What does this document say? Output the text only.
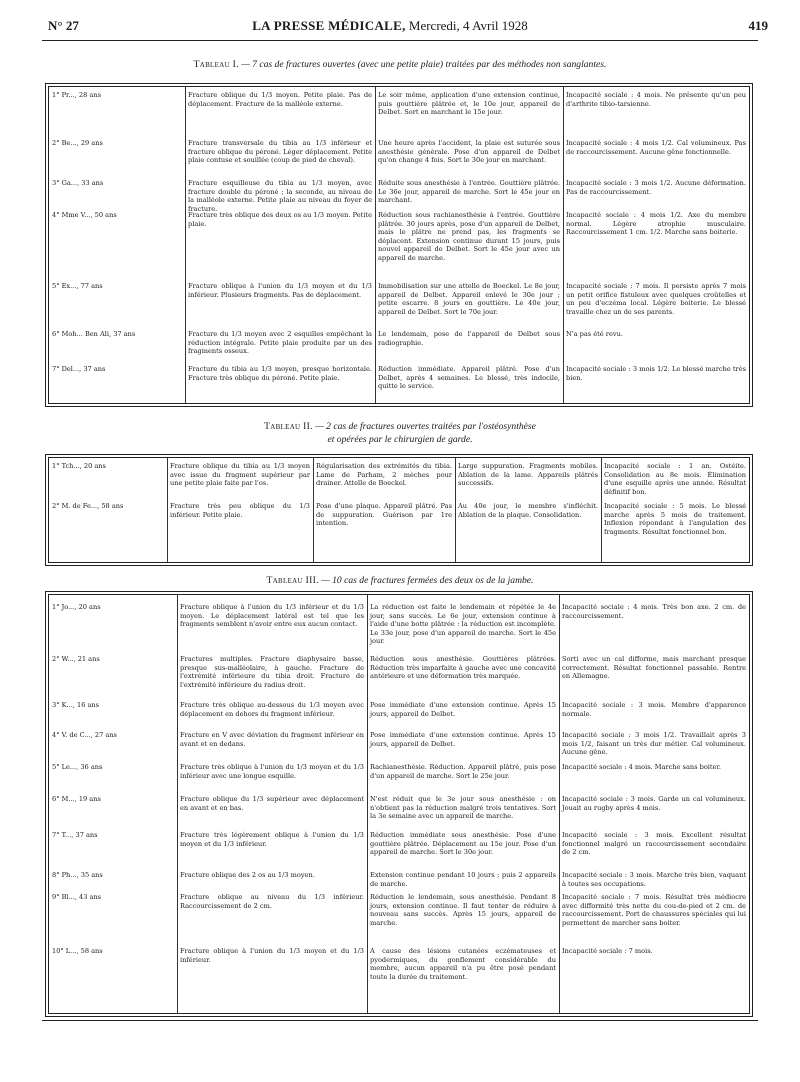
N° 27	LA PRESSE MÉDICALE, Mercredi, 4 Avril 1928	419
Tableau I. — 7 cas de fractures ouvertes (avec une petite plaie) traitées par des méthodes non sanglantes.
1° Pr..., 28 ans	Fracture oblique du 1/3 moyen. Petite plaie. Pas de déplacement. Fracture de la malléole externe.
Le soir même, application d'une extension continue, puis gouttière plâtrée et, le 10e jour, appareil de Delbet. Sort en marchant le 15e jour.
Incapacité sociale : 4 mois. Ne présente qu'un peu d'arthrite tibio-tarsienne.
2° Be..., 29 ans	Fracture transversale du tibia au 1/3 inférieur et fracture oblique du péroné. Léger déplacement. Petite plaie contuse et souillée (coup de pied de cheval).
Une heure après l'accident, la plaie est suturée sous anesthésie générale. Pose d'un appareil de Delbet qu'on change 4 fois. Sort le 30e jour en marchant.
Incapacité sociale : 4 mois 1/2. Cal volumineux. Pas de raccourcissement. Aucune gêne fonctionnelle.
3° Ga..., 33 ans	Fracture esquilleuse du tibia au 1/3 moyen, avec fracture double du péroné ; la seconde, au niveau de la malléole externe. Petite plaie au niveau du foyer de fracture.
Réduite sous anesthésie à l'entrée. Gouttière plâtrée. Le 36e jour, appareil de marche. Sort le 45e jour en marchant.
Incapacité sociale : 3 mois 1/2. Aucune déformation. Pas de raccourcissement.
4° Mme V..., 50 ans	Fracture très oblique des deux os au 1/3 moyen. Petite plaie.
Réduction sous rachianesthésie à l'entrée. Gouttière plâtrée. 30 jours après, pose d'un appareil de Delbet, mais le plâtre ne prend pas, les fragments se déplacent. Extension continue durant 15 jours, puis nouvel appareil de Delbet. Sort le 45e jour avec un appareil de marche.
Incapacité sociale : 4 mois 1/2. Axe du membre normal. Légère atrophie musculaire. Raccourcissement 1 cm. 1/2. Marche sans boiterie.
5° Ex..., 77 ans	Fracture oblique à l'union du 1/3 moyen et du 1/3 inférieur. Plusieurs fragments. Pas de déplacement.
Immobilisation sur une attelle de Boeckel. Le 8e jour, appareil de Delbet. Appareil enlevé le 30e jour ; petite escarre. 8 jours en gouttière. Le 40e jour, appareil de Delbet. Sort le 70e jour.
Incapacité sociale : 7 mois. Il persiste après 7 mois un petit orifice fistuleux avec quelques croûtelles et un peu d'eczéma local. Légère boiterie. Le blessé travaille chez un de ses parents.
6° Moh... Ben Ali, 37 ans	Fracture du 1/3 moyen avec 2 esquilles empêchant la réduction intégrale. Petite plaie produite par un des fragments osseux.
Le lendemain, pose de l'appareil de Delbet sous radiographie.
N'a pas été revu.
7° Del..., 37 ans	Fracture du tibia au 1/3 moyen, presque horizontale. Fracture très oblique du péroné. Petite plaie.
Réduction immédiate. Appareil plâtré. Pose d'un Delbet, après 4 semaines. Le blessé, très indocile, quitte le service.
Incapacité sociale : 3 mois 1/2. Le blessé marche très bien.
Tableau II. — 2 cas de fractures ouvertes traitées par l'ostéosynthèse
et opérées par le chirurgien de garde.
1° Tch..., 20 ans	Fracture oblique du tibia au 1/3 moyen avec issue du fragment supérieur par une petite plaie faite par l'os.
Régularisation des extrémités du tibia. Lame de Parham, 2 mèches pour drainer. Attelle de Boeckel.
Large suppuration. Fragments mobiles. Ablation de la lame. Appareils plâtrés successifs.
Incapacité sociale : 1 an. Ostéite. Consolidation au 8e mois. Élimination d'une esquille après une année. Résultat définitif bon.
2° M. de Fe..., 58 ans	Fracture très peu oblique du 1/3 inférieur. Petite plaie.
Pose d'une plaque. Appareil plâtré. Pas de suppuration. Guérison par 1re intention.
Au 40e jour, le membre s'infléchit. Ablation de la plaque. Consolidation.
Incapacité sociale : 5 mois. Le blessé marche après 5 mois de traitement. Inflexion répondant à l'angulation des fragments. Résultat fonctionnel bon.
Tableau III. — 10 cas de fractures fermées des deux os de la jambe.
1° Jo..., 20 ans	Fracture oblique à l'union du 1/3 inférieur et du 1/3 moyen. Le déplacement latéral est tel que les fragments semblent n'avoir entre eux aucun contact.
La réduction est faite le lendemain et répétée le 4e jour, sans succès. Le 6e jour, extension continue à l'aide d'une botte plâtrée : la réduction est incomplète. Le 33e jour, pose d'un appareil de marche. Sort le 45e jour.
Incapacité sociale : 4 mois. Très bon axe. 2 cm. de raccourcissement.
2° W..., 21 ans	Fractures multiples. Fracture diaphysaire basse, presque sus-malléolaire, à gauche. Fracture de l'extrémité inférieure du tibia droit. Fracture de l'extrémité inférieure du radius droit.
Réduction sous anesthésie. Gouttières plâtrées. Réduction très imparfaite à gauche avec une concavité antérieure et une déformation très marquée.
Sorti avec un cal difforme, mais marchant presque correctement. Résultat fonctionnel passable. Rentre en Allemagne.
3° K..., 16 ans	Fracture très oblique au-dessous du 1/3 moyen avec déplacement en dehors du fragment inférieur.
Pose immédiate d'une extension continue. Après 15 jours, appareil de Delbet.
Incapacité sociale : 3 mois. Membre d'apparence normale.
4° V. de C..., 27 ans	Fracture en V avec déviation du fragment inférieur en avant et en dedans.
Pose immédiate d'une extension continue. Après 15 jours, appareil de Delbet.
Incapacité sociale : 3 mois 1/2. Travaillait après 3 mois 1/2, faisant un très dur métier. Cal volumineux. Aucune gêne.
5° Le..., 36 ans	Fracture très oblique à l'union du 1/3 moyen et du 1/3 inférieur avec une longue esquille.
Rachianesthésie. Réduction. Appareil plâtré, puis pose d'un appareil de marche. Sort le 25e jour.
Incapacité sociale : 4 mois. Marche sans boiter.
6° M..., 19 ans	Fracture oblique du 1/3 supérieur avec déplacement en avant et en bas.
N'est réduit que le 3e jour sous anesthésie : on n'obtient pas la réduction malgré trois tentatives. Sort la 3e semaine avec un appareil de marche.
Incapacité sociale : 3 mois. Garde un cal volumineux. Jouait au rugby après 4 mois.
7° T..., 37 ans	Fracture très légèrement oblique à l'union du 1/3 moyen et du 1/3 inférieur.
Réduction immédiate sous anesthésie. Pose d'une gouttière plâtrée. Déplacement au 15e jour. Pose d'un appareil de marche. Sort le 30e jour.
Incapacité sociale : 3 mois. Excellent résultat fonctionnel malgré un raccourcissement secondaire de 2 cm.
8° Ph..., 35 ans	Fracture oblique des 2 os au 1/3 moyen.	Extension continue pendant 10 jours ; puis 2 appareils de marche.
Incapacité sociale : 3 mois. Marche très bien, vaquant à toutes ses occupations.
9° Bl..., 43 ans	Fracture oblique au niveau du 1/3 inférieur. Raccourcissement de 2 cm.
Réduction le lendemain, sous anesthésie. Pendant 8 jours, extension continue. Il faut tenter de réduire à nouveau sans succès. Après 15 jours, appareil de marche.
Incapacité sociale : 7 mois. Résultat très médiocre avec difformité très nette du cou-de-pied et 2 cm. de raccourcissement. Port de chaussures spéciales qui lui permettent de marcher sans boiter.
10° L..., 58 ans	Fracture oblique à l'union du 1/3 moyen et du 1/3 inférieur.
A cause des lésions cutanées eczémateuses et pyodermiques, du gonflement considérable du membre, aucun appareil n'a pu être posé pendant toute la durée du traitement.
Incapacité sociale : 7 mois.
